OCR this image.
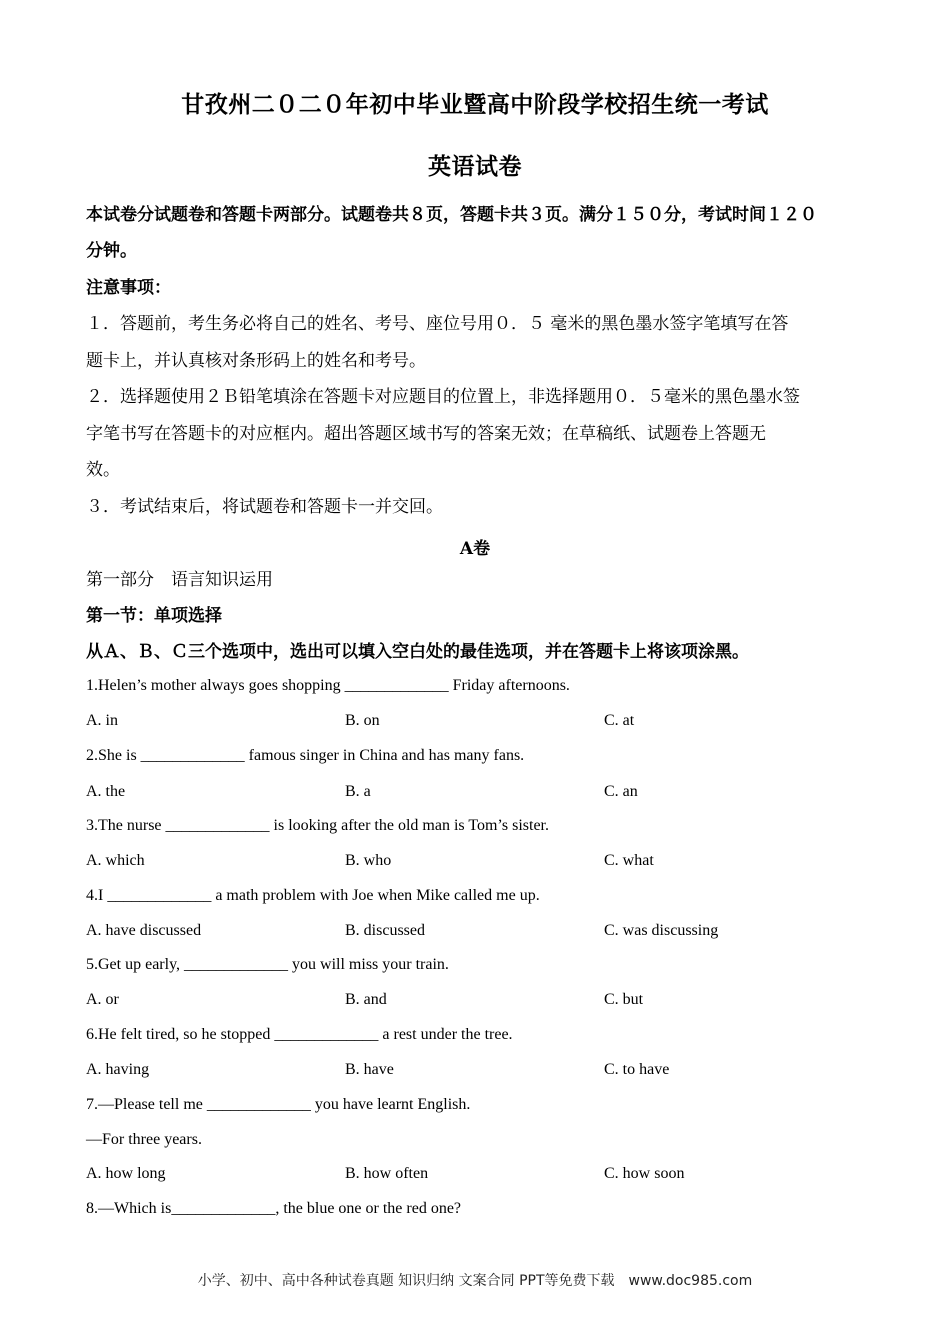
甘孜州二０二０年初中毕业暨高中阶段学校招生统一考试
英语试卷
本试卷分试题卷和答题卡两部分。试题卷共８页，答题卡共３页。满分１５０分，考试时间１２０
分钟。
注意事项：
１．答题前，考生务必将自己的姓名、考号、座位号用０．５ 毫米的黑色墨水签字笔填写在答
题卡上，并认真核对条形码上的姓名和考号。
２．选择题使用２Ｂ铅笔填涂在答题卡对应题目的位置上，非选择题用０．５毫米的黑色墨水签
字笔书写在答题卡的对应框内。超出答题区域书写的答案无效；在草稿纸、试题卷上答题无
效。
３．考试结束后，将试题卷和答题卡一并交回。
A卷
第一部分　语言知识运用
第一节：单项选择
从Ａ、Ｂ、Ｃ三个选项中，选出可以填入空白处的最佳选项，并在答题卡上将该项涂黑。
1.Helen’s mother always goes shopping _____________ Friday afternoons.
A. in	B. on	C. at
2.She is _____________ famous singer in China and has many fans.
A. the	B. a	C. an
3.The nurse _____________ is looking after the old man is Tom’s sister.
A. which	B. who	C. what
4.I _____________ a math problem with Joe when Mike called me up.
A. have discussed	B. discussed	C. was discussing
5.Get up early, _____________ you will miss your train.
A. or	B. and	C. but
6.He felt tired, so he stopped _____________ a rest under the tree.
A. having	B. have	C. to have
7.—Please tell me _____________ you have learnt English.
—For three years.
A. how long	B. how often	C. how soon
8.—Which is_____________, the blue one or the red one?
小学、初中、高中各种试卷真题 知识归纳 文案合同 PPT等免费下载　www.doc985.com
